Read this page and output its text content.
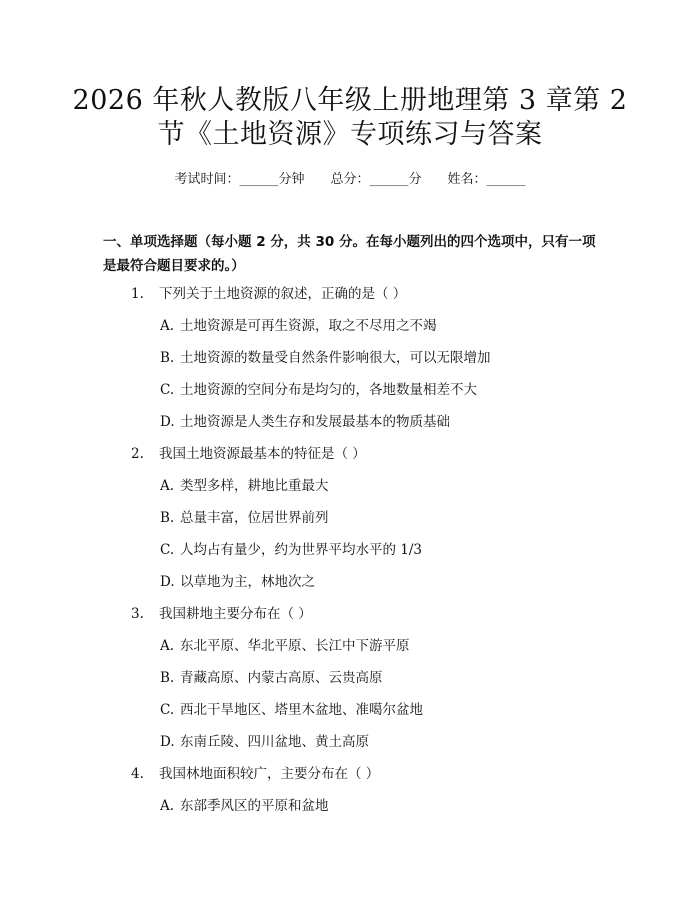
2026 年秋人教版八年级上册地理第 3 章第 2
节《土地资源》专项练习与答案
考试时间：______分钟 总分：______分 姓名：______
一、单项选择题（每小题 2 分，共 30 分。在每小题列出的四个选项中，只有一项是最符合题目要求的。）
1. 下列关于土地资源的叙述，正确的是（ ）
A. 土地资源是可再生资源，取之不尽用之不竭
B. 土地资源的数量受自然条件影响很大，可以无限增加
C. 土地资源的空间分布是均匀的，各地数量相差不大
D. 土地资源是人类生存和发展最基本的物质基础
2. 我国土地资源最基本的特征是（ ）
A. 类型多样，耕地比重最大
B. 总量丰富，位居世界前列
C. 人均占有量少，约为世界平均水平的 1/3
D. 以草地为主，林地次之
3. 我国耕地主要分布在（ ）
A. 东北平原、华北平原、长江中下游平原
B. 青藏高原、内蒙古高原、云贵高原
C. 西北干旱地区、塔里木盆地、准噶尔盆地
D. 东南丘陵、四川盆地、黄土高原
4. 我国林地面积较广，主要分布在（ ）
A. 东部季风区的平原和盆地
